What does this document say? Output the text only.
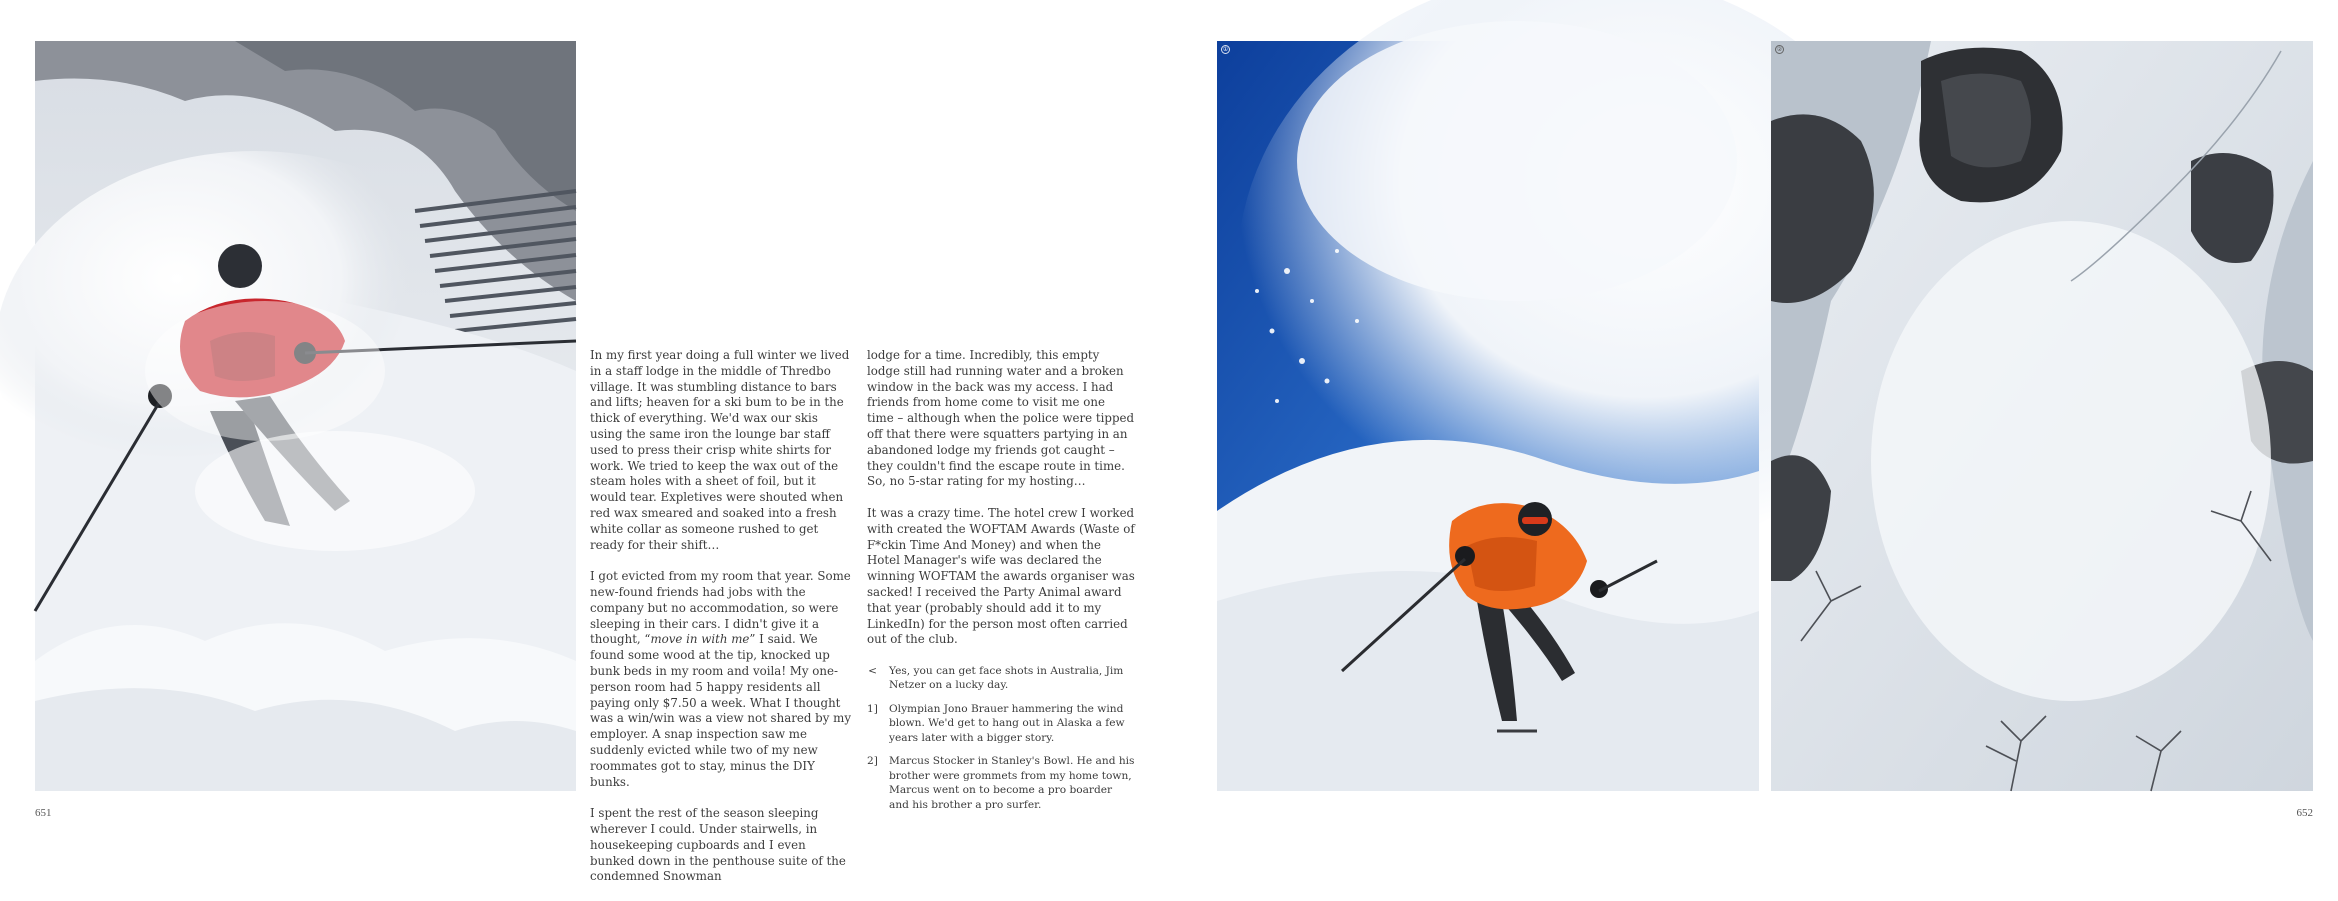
In my first year doing a full winter we lived in a staff lodge in the middle of Thredbo village. It was stumbling distance to bars and lifts; heaven for a ski bum to be in the thick of everything. We'd wax our skis using the same iron the lounge bar staff used to press their crisp white shirts for work. We tried to keep the wax out of the steam holes with a sheet of foil, but it would tear. Expletives were shouted when red wax smeared and soaked into a fresh white collar as someone rushed to get ready for their shift…

I got evicted from my room that year. Some new-found friends had jobs with the company but no accommodation, so were sleeping in their cars. I didn't give it a thought, “move in with me” I said. We found some wood at the tip, knocked up bunk beds in my room and voila! My one-person room had 5 happy residents all paying only $7.50 a week. What I thought was a win/win was a view not shared by my employer. A snap inspection saw me suddenly evicted while two of my new roommates got to stay, minus the DIY bunks.

I spent the rest of the season sleeping wherever I could. Under stairwells, in housekeeping cupboards and I even bunked down in the penthouse suite of the condemned Snowman

lodge for a time. Incredibly, this empty lodge still had running water and a broken window in the back was my access. I had friends from home come to visit me one time – although when the police were tipped off that there were squatters partying in an abandoned lodge my friends got caught – they couldn't find the escape route in time. So, no 5-star rating for my hosting…

It was a crazy time. The hotel crew I worked with created the WOFTAM Awards (Waste of F*ckin Time And Money) and when the Hotel Manager's wife was declared the winning WOFTAM the awards organiser was sacked! I received the Party Animal award that year (probably should add it to my LinkedIn) for the person most often carried out of the club.

<	Yes, you can get face shots in Australia, Jim Netzer on a lucky day.
1]	Olympian Jono Brauer hammering the wind blown. We'd get to hang out in Alaska a few years later with a bigger story.
2]	Marcus Stocker in Stanley's Bowl. He and his brother were grommets from my home town, Marcus went on to become a pro boarder and his brother a pro surfer.
①	②
651	652
